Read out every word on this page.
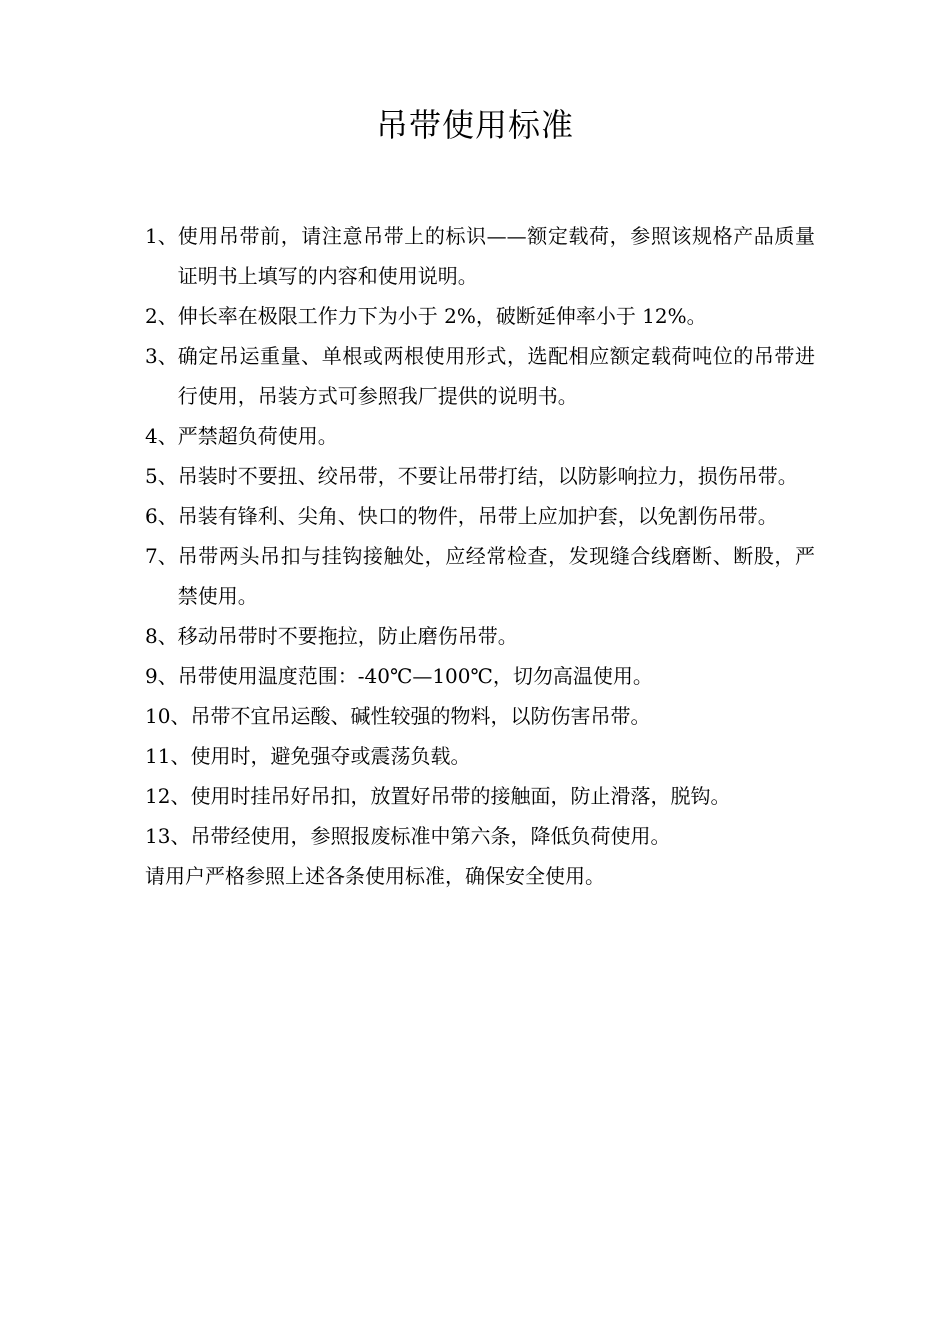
吊带使用标准
1、 使用吊带前，请注意吊带上的标识——额定载荷，参照该规格产品质量证明书上填写的内容和使用说明。
2、 伸长率在极限工作力下为小于 2%，破断延伸率小于 12%。
3、 确定吊运重量、单根或两根使用形式，选配相应额定载荷吨位的吊带进行使用，吊装方式可参照我厂提供的说明书。
4、 严禁超负荷使用。
5、 吊装时不要扭、绞吊带，不要让吊带打结，以防影响拉力，损伤吊带。
6、 吊装有锋利、尖角、快口的物件，吊带上应加护套，以免割伤吊带。
7、 吊带两头吊扣与挂钩接触处，应经常检查，发现缝合线磨断、断股，严禁使用。
8、 移动吊带时不要拖拉，防止磨伤吊带。
9、 吊带使用温度范围：-40℃—100℃，切勿高温使用。
10、 吊带不宜吊运酸、碱性较强的物料，以防伤害吊带。
11、 使用时，避免强夺或震荡负载。
12、 使用时挂吊好吊扣，放置好吊带的接触面，防止滑落，脱钩。
13、 吊带经使用，参照报废标准中第六条，降低负荷使用。

请用户严格参照上述各条使用标准，确保安全使用。
